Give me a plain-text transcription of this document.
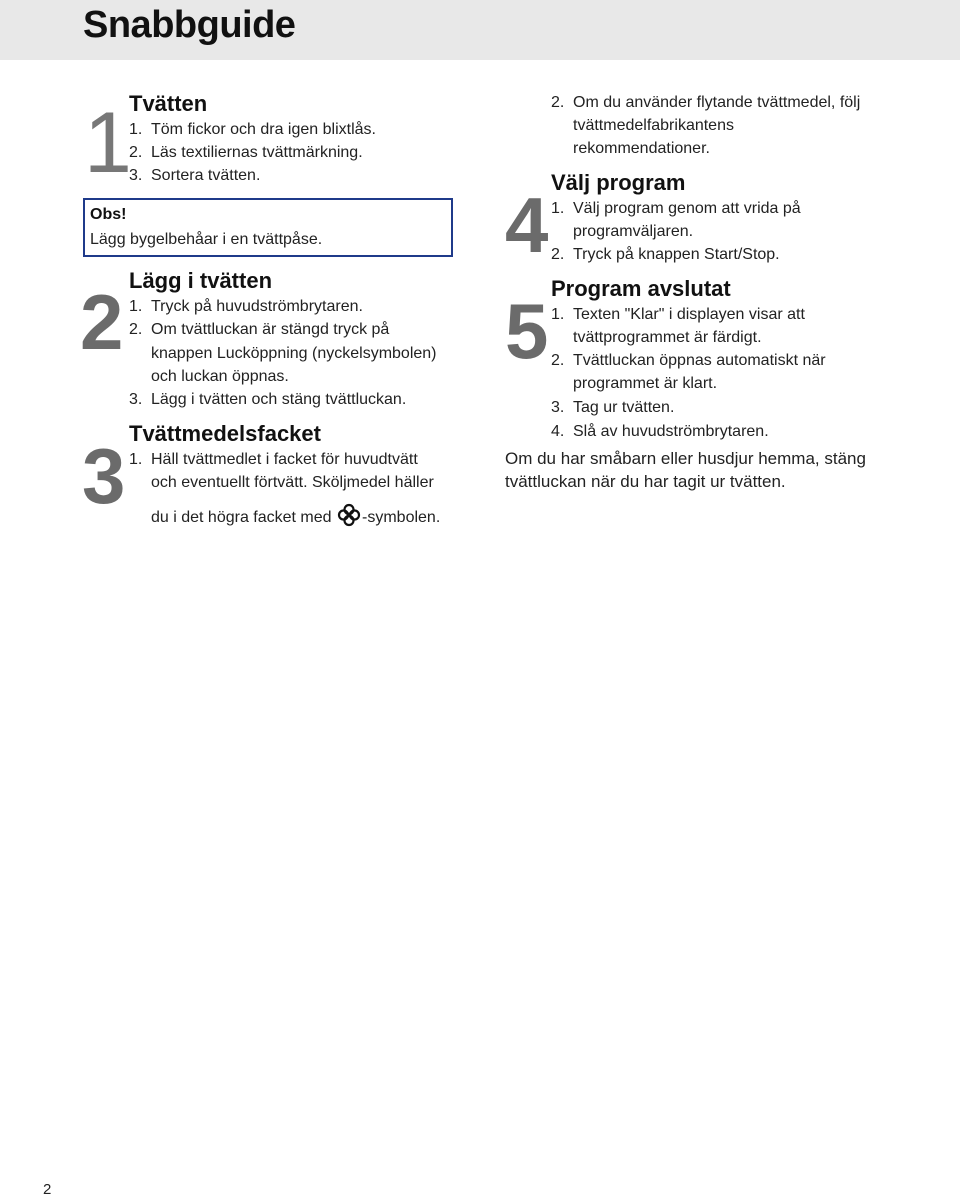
Snabbguide
1 Tvätten
1. Töm fickor och dra igen blixtlås.
2. Läs textiliernas tvättmärkning.
3. Sortera tvätten.
Obs!
Lägg bygelbehåar i en tvättpåse.
2 Lägg i tvätten
1. Tryck på huvudströmbrytaren.
2. Om tvättluckan är stängd tryck på
knappen Lucköppning (nyckelsymbolen)
och luckan öppnas.
3. Lägg i tvätten och stäng tvättluckan.
3 Tvättmedelsfacket
1. Häll tvättmedlet i facket för huvudtvätt
och eventuellt förtvätt. Sköljmedel häller
du i det högra facket med -symbolen.
2. Om du använder flytande tvättmedel, följ
tvättmedelfabrikantens
rekommendationer.
4 Välj program
1. Välj program genom att vrida på
programväljaren.
2. Tryck på knappen Start/Stop.
5 Program avslutat
1. Texten "Klar" i displayen visar att
tvättprogrammet är färdigt.
2. Tvättluckan öppnas automatiskt när
programmet är klart.
3. Tag ur tvätten.
4. Slå av huvudströmbrytaren.
Om du har småbarn eller husdjur hemma, stäng
tvättluckan när du har tagit ur tvätten.
2
